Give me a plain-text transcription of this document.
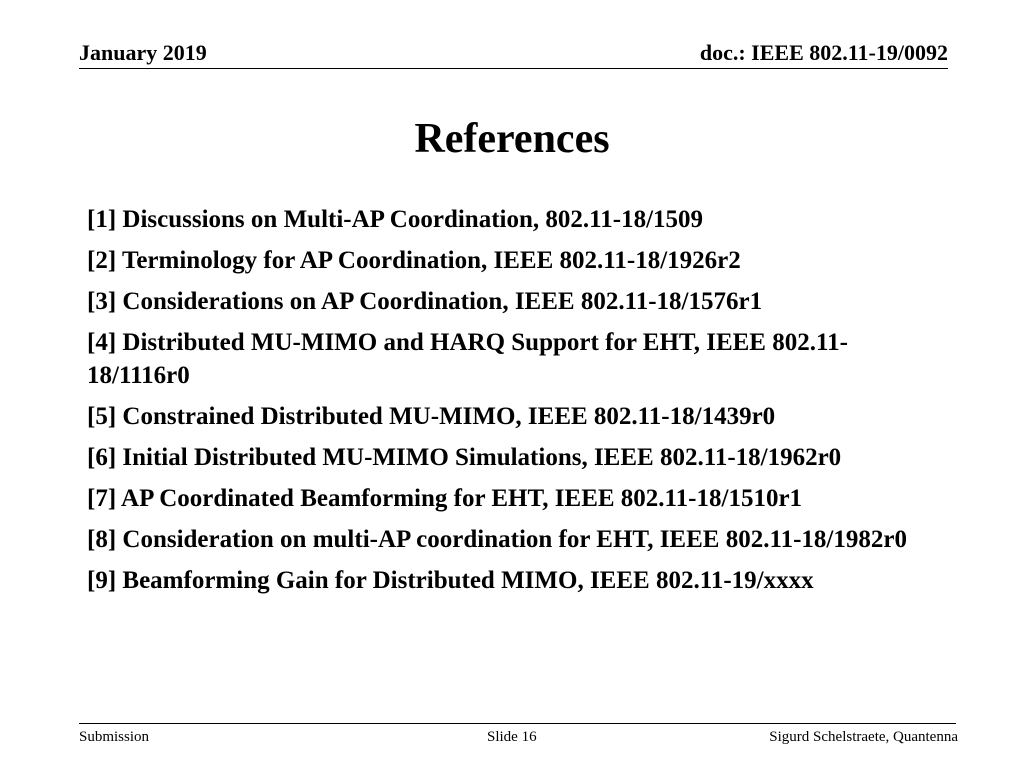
January 2019	doc.: IEEE 802.11-19/0092
References
[1] Discussions on Multi-AP Coordination, 802.11-18/1509
[2] Terminology for AP Coordination, IEEE 802.11-18/1926r2
[3] Considerations on AP Coordination, IEEE 802.11-18/1576r1
[4] Distributed MU-MIMO and HARQ Support for EHT, IEEE 802.11-18/1116r0
[5] Constrained Distributed MU-MIMO, IEEE 802.11-18/1439r0
[6] Initial Distributed MU-MIMO Simulations, IEEE 802.11-18/1962r0
[7] AP Coordinated Beamforming for EHT, IEEE 802.11-18/1510r1
[8] Consideration on multi-AP coordination for EHT, IEEE 802.11-18/1982r0
[9] Beamforming Gain for Distributed MIMO, IEEE 802.11-19/xxxx
Submission	Slide 16	Sigurd Schelstraete, Quantenna
